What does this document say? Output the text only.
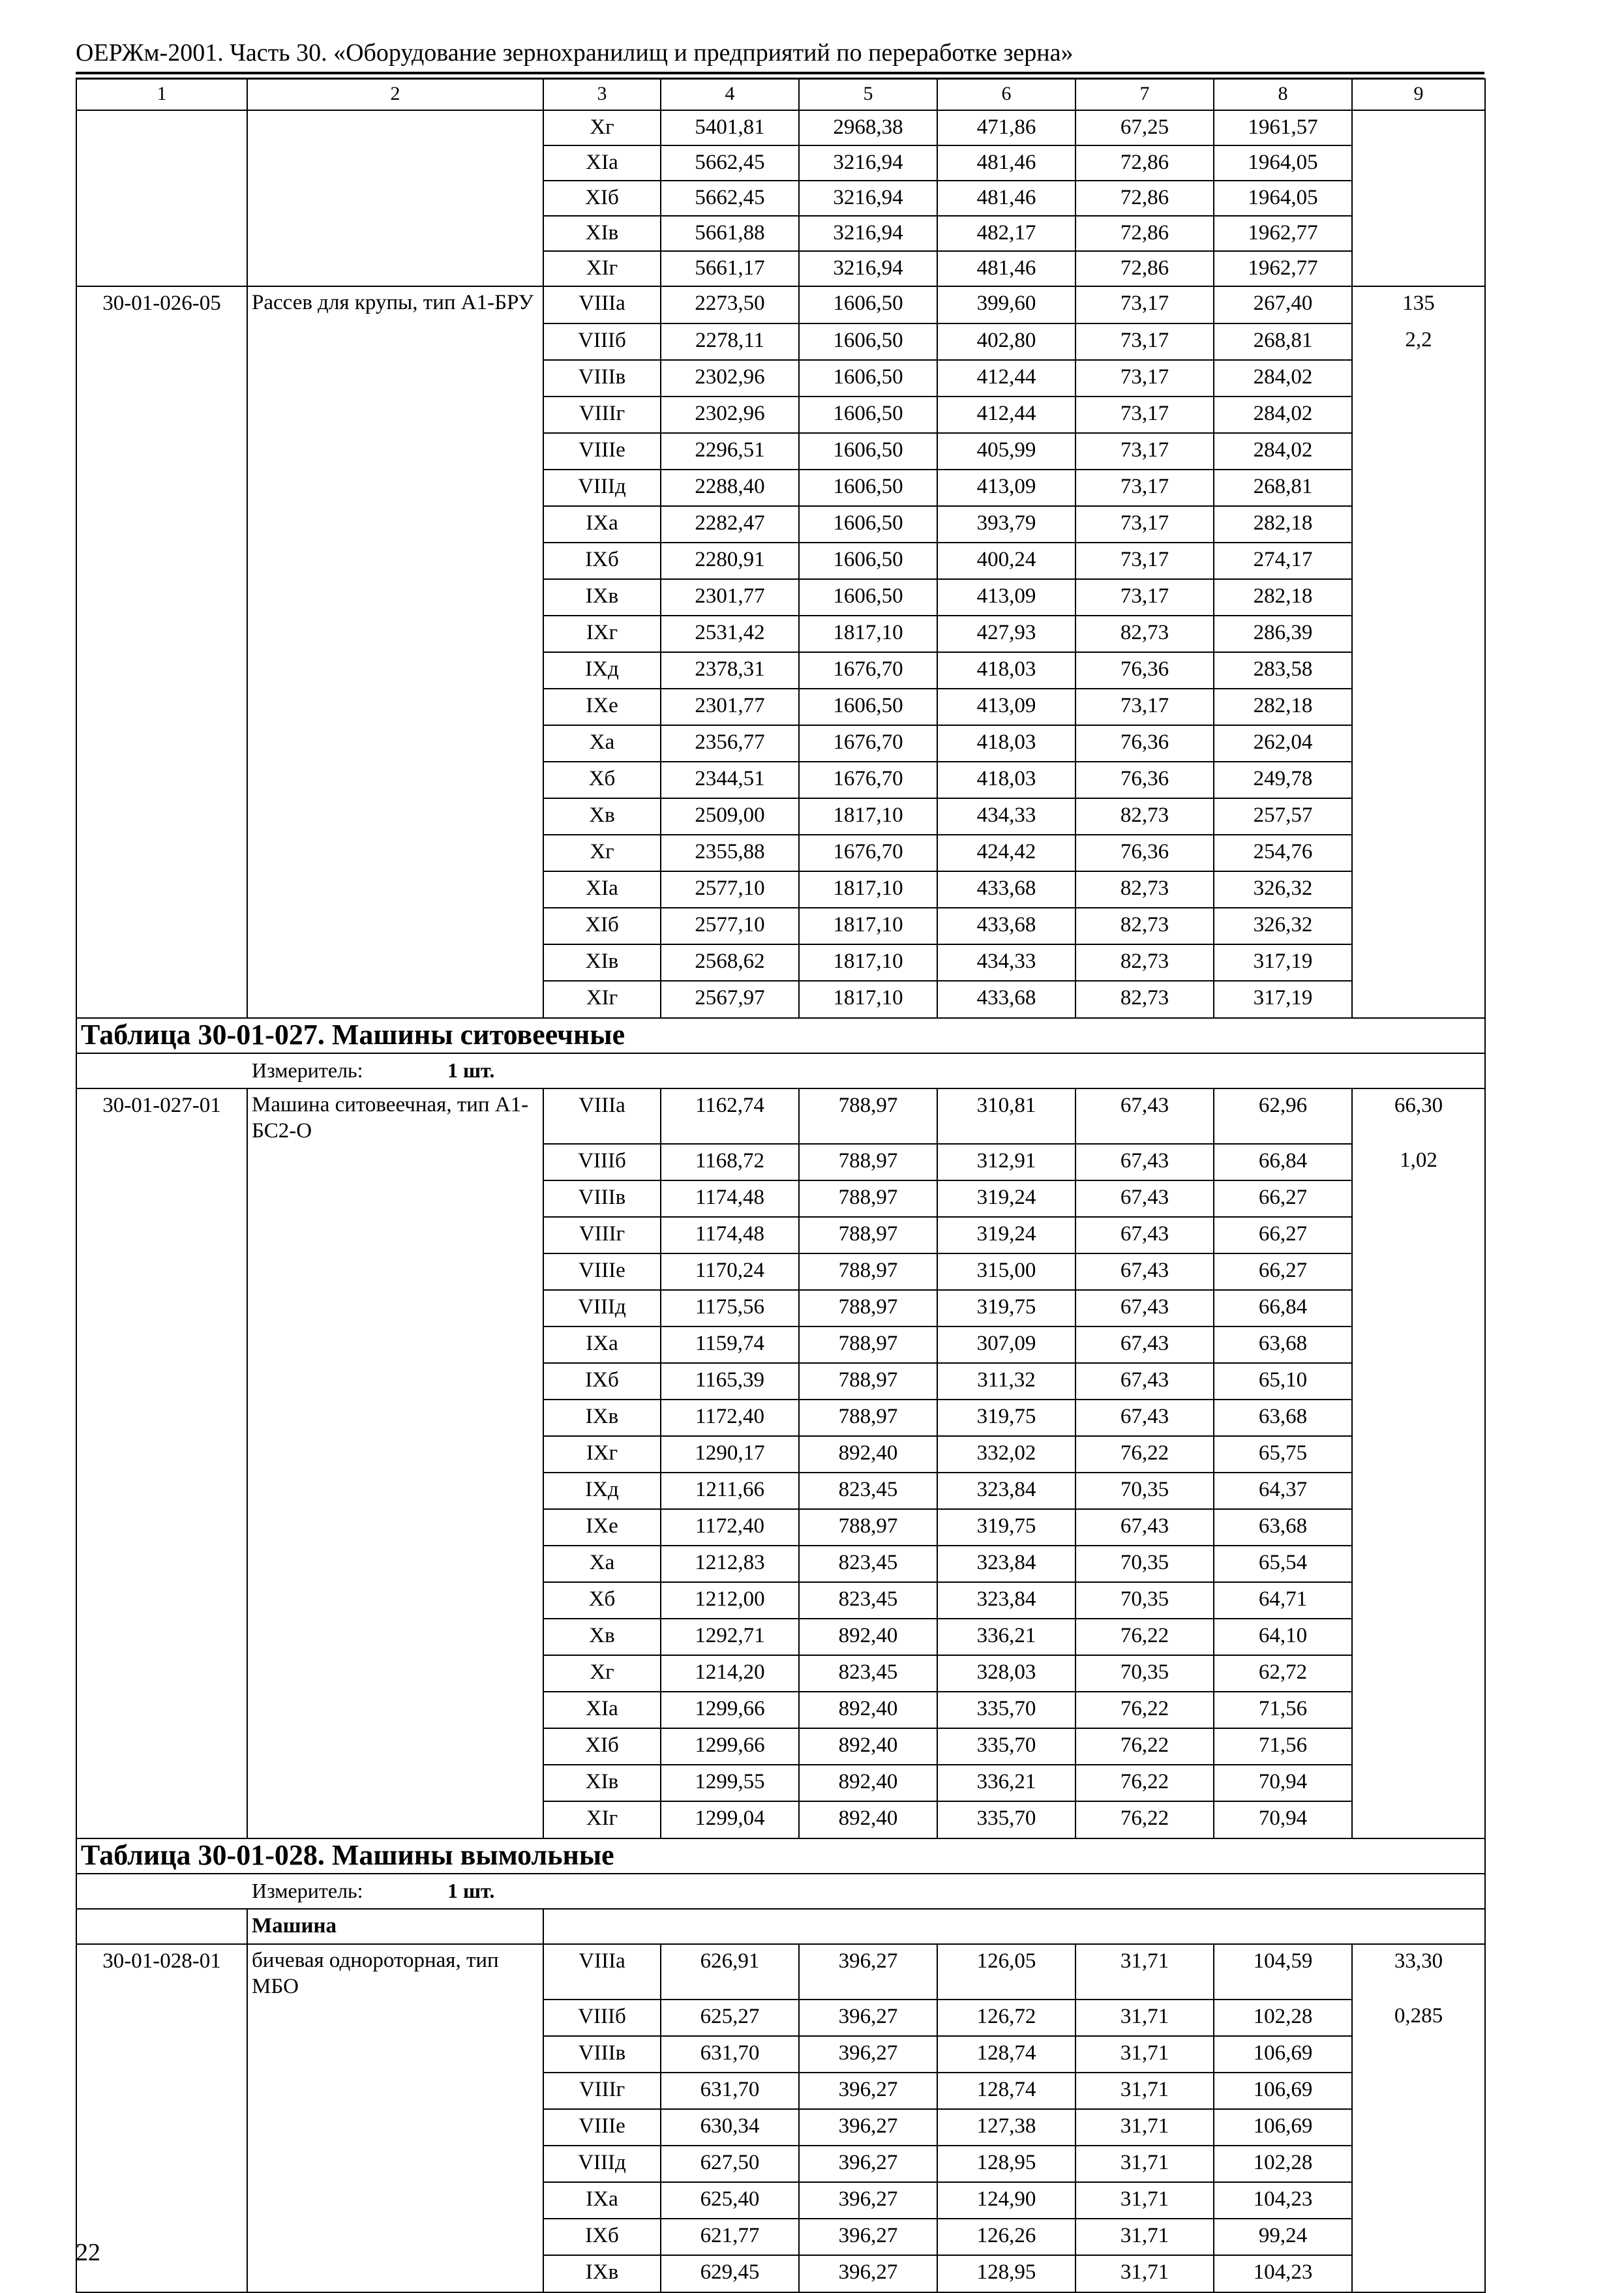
ОЕРЖм-2001. Часть 30. «Оборудование зернохранилищ и предприятий по переработке зерна»
1	2	3	4	5	6	7	8	9
		Xг	5401,81	2968,38	471,86	67,25	1961,57	
		XIа	5662,45	3216,94	481,46	72,86	1964,05	
		XIб	5662,45	3216,94	481,46	72,86	1964,05	
		XIв	5661,88	3216,94	482,17	72,86	1962,77	
		XIг	5661,17	3216,94	481,46	72,86	1962,77	
30-01-026-05	Рассев для крупы, тип А1-БРУ	VIIIа	2273,50	1606,50	399,60	73,17	267,40	135
		VIIIб	2278,11	1606,50	402,80	73,17	268,81	2,2
		VIIIв	2302,96	1606,50	412,44	73,17	284,02	
		VIIIг	2302,96	1606,50	412,44	73,17	284,02	
		VIIIе	2296,51	1606,50	405,99	73,17	284,02	
		VIIIд	2288,40	1606,50	413,09	73,17	268,81	
		IXа	2282,47	1606,50	393,79	73,17	282,18	
		IXб	2280,91	1606,50	400,24	73,17	274,17	
		IXв	2301,77	1606,50	413,09	73,17	282,18	
		IXг	2531,42	1817,10	427,93	82,73	286,39	
		IXд	2378,31	1676,70	418,03	76,36	283,58	
		IXе	2301,77	1606,50	413,09	73,17	282,18	
		Xа	2356,77	1676,70	418,03	76,36	262,04	
		Xб	2344,51	1676,70	418,03	76,36	249,78	
		Xв	2509,00	1817,10	434,33	82,73	257,57	
		Xг	2355,88	1676,70	424,42	76,36	254,76	
		XIа	2577,10	1817,10	433,68	82,73	326,32	
		XIб	2577,10	1817,10	433,68	82,73	326,32	
		XIв	2568,62	1817,10	434,33	82,73	317,19	
		XIг	2567,97	1817,10	433,68	82,73	317,19	
Таблица 30-01-027. Машины ситовеечные								
Измеритель: 1 шт.								
30-01-027-01	Машина ситовеечная, тип А1-БС2-О	VIIIа	1162,74	788,97	310,81	67,43	62,96	66,30
		VIIIб	1168,72	788,97	312,91	67,43	66,84	1,02
		VIIIв	1174,48	788,97	319,24	67,43	66,27	
		VIIIг	1174,48	788,97	319,24	67,43	66,27	
		VIIIе	1170,24	788,97	315,00	67,43	66,27	
		VIIIд	1175,56	788,97	319,75	67,43	66,84	
		IXа	1159,74	788,97	307,09	67,43	63,68	
		IXб	1165,39	788,97	311,32	67,43	65,10	
		IXв	1172,40	788,97	319,75	67,43	63,68	
		IXг	1290,17	892,40	332,02	76,22	65,75	
		IXд	1211,66	823,45	323,84	70,35	64,37	
		IXе	1172,40	788,97	319,75	67,43	63,68	
		Xа	1212,83	823,45	323,84	70,35	65,54	
		Xб	1212,00	823,45	323,84	70,35	64,71	
		Xв	1292,71	892,40	336,21	76,22	64,10	
		Xг	1214,20	823,45	328,03	70,35	62,72	
		XIа	1299,66	892,40	335,70	76,22	71,56	
		XIб	1299,66	892,40	335,70	76,22	71,56	
		XIв	1299,55	892,40	336,21	76,22	70,94	
		XIг	1299,04	892,40	335,70	76,22	70,94	
Таблица 30-01-028. Машины вымольные								
Измеритель: 1 шт.								
	Машина							
30-01-028-01	бичевая однороторная, тип МБО	VIIIа	626,91	396,27	126,05	31,71	104,59	33,30
		VIIIб	625,27	396,27	126,72	31,71	102,28	0,285
		VIIIв	631,70	396,27	128,74	31,71	106,69	
		VIIIг	631,70	396,27	128,74	31,71	106,69	
		VIIIе	630,34	396,27	127,38	31,71	106,69	
		VIIIд	627,50	396,27	128,95	31,71	102,28	
		IXа	625,40	396,27	124,90	31,71	104,23	
		IXб	621,77	396,27	126,26	31,71	99,24	
		IXв	629,45	396,27	128,95	31,71	104,23	
22
